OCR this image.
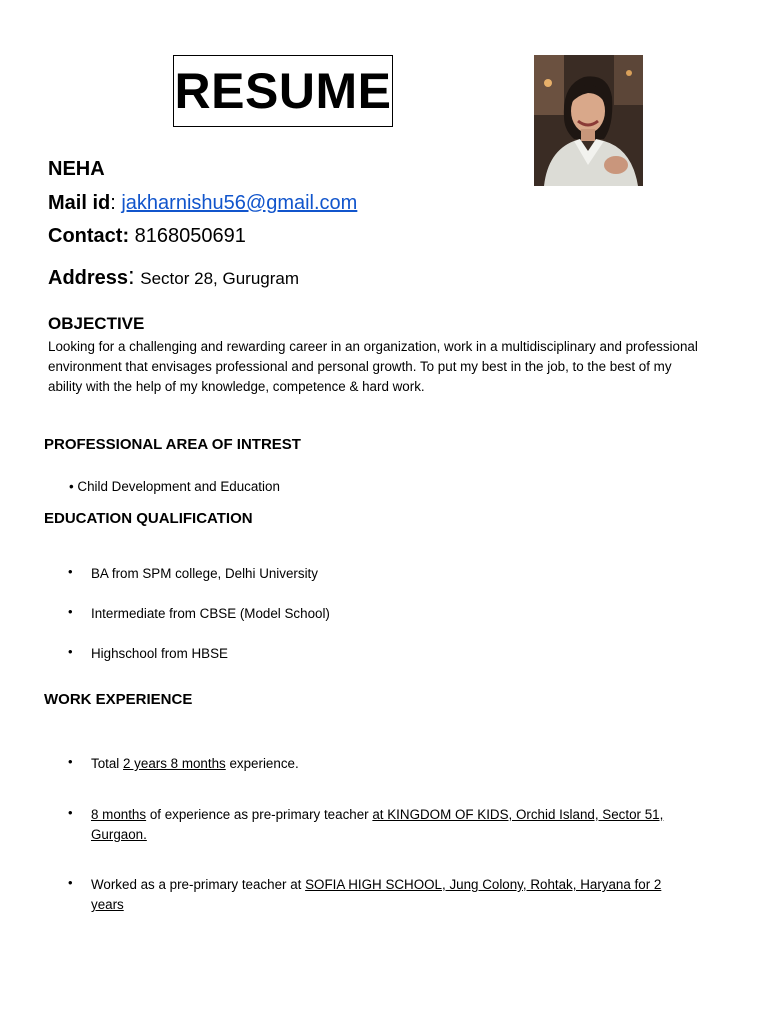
RESUME
NEHA
Mail id: jakharnishu56@gmail.com
Contact: 8168050691
Address: Sector 28, Gurugram
OBJECTIVE
Looking for a challenging and rewarding career in an organization, work in a multidisciplinary and professional environment that envisages professional and personal growth. To put my best in the job, to the best of my ability with the help of my knowledge, competence & hard work.
PROFESSIONAL AREA OF INTREST
• Child Development and Education
EDUCATION QUALIFICATION
• BA from SPM college, Delhi University
• Intermediate from CBSE (Model School)
• Highschool from HBSE
WORK EXPERIENCE
• Total 2 years 8 months experience.
• 8 months of experience as pre-primary teacher at KINGDOM OF KIDS, Orchid Island, Sector 51, Gurgaon.
• Worked as a pre-primary teacher at SOFIA HIGH SCHOOL, Jung Colony, Rohtak, Haryana for 2 years
